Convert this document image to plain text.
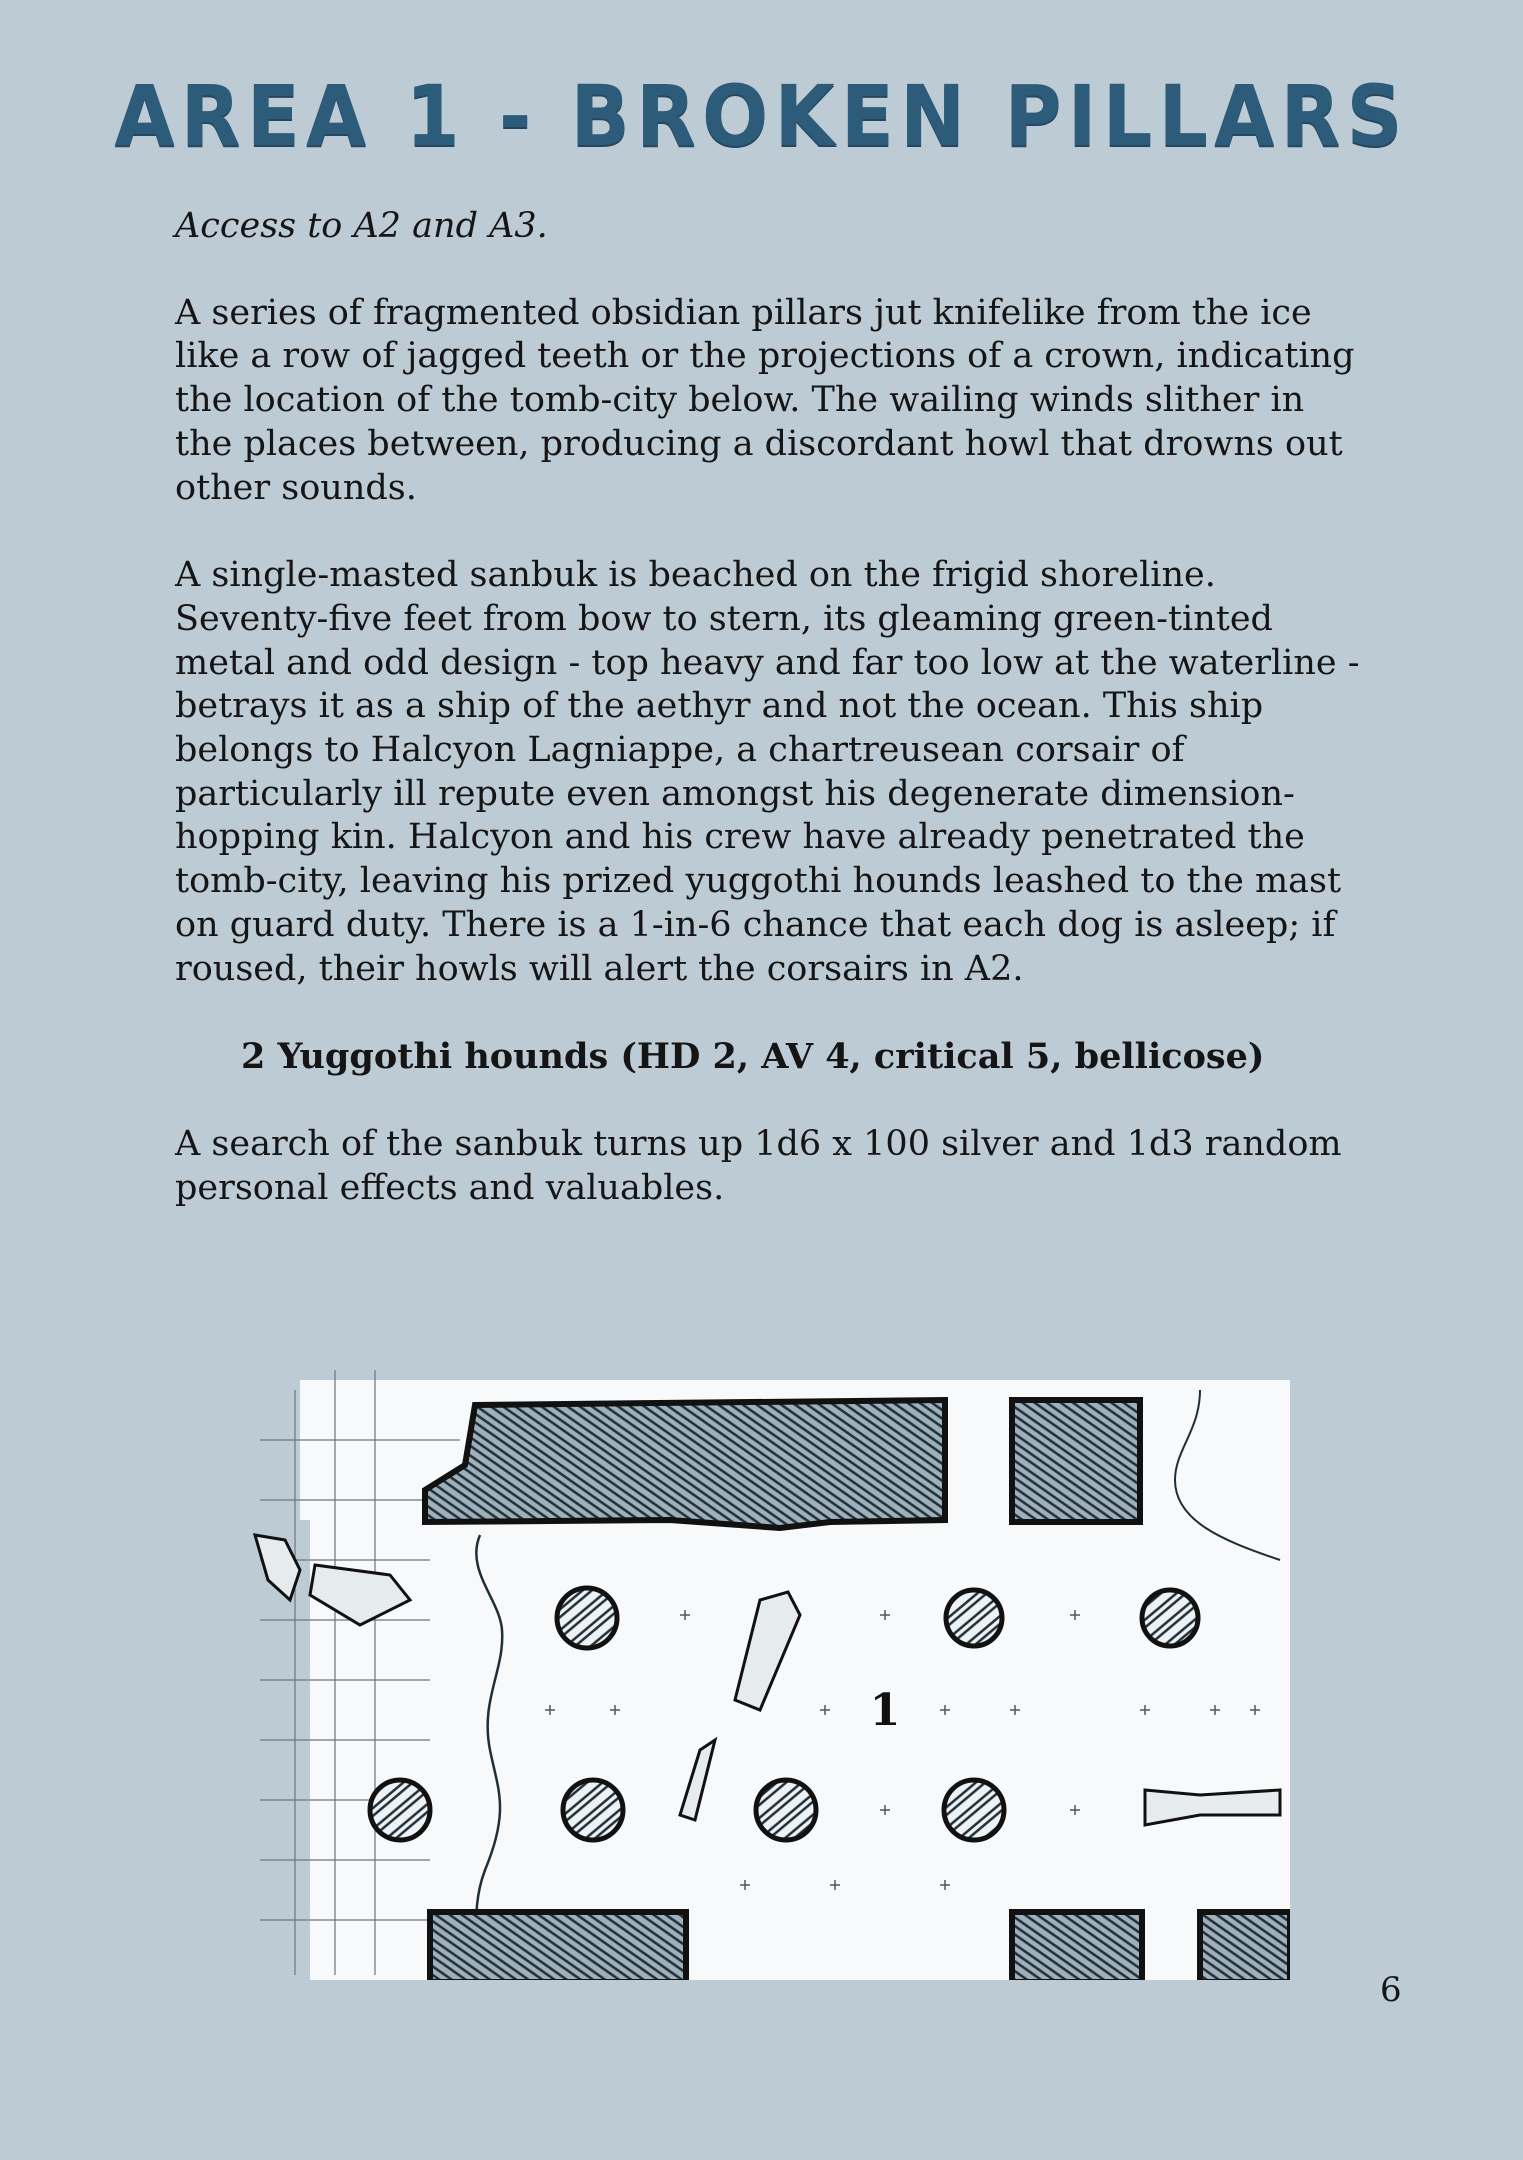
AREA 1 - BROKEN PILLARS

Access to A2 and A3.

A series of fragmented obsidian pillars jut knifelike from the ice like a row of jagged teeth or the projections of a crown, indicating the location of the tomb-city below. The wailing winds slither in the places between, producing a discordant howl that drowns out other sounds.

A single-masted sanbuk is beached on the frigid shoreline. Seventy-five feet from bow to stern, its gleaming green-tinted metal and odd design - top heavy and far too low at the waterline - betrays it as a ship of the aethyr and not the ocean. This ship belongs to Halcyon Lagniappe, a chartreusean corsair of particularly ill repute even amongst his degenerate dimension-hopping kin. Halcyon and his crew have already penetrated the tomb-city, leaving his prized yuggothi hounds leashed to the mast on guard duty. There is a 1-in-6 chance that each dog is asleep; if roused, their howls will alert the corsairs in A2.

2 Yuggothi hounds (HD 2, AV 4, critical 5, bellicose)

A search of the sanbuk turns up 1d6 x 100 silver and 1d3 random personal effects and valuables.

1
6
